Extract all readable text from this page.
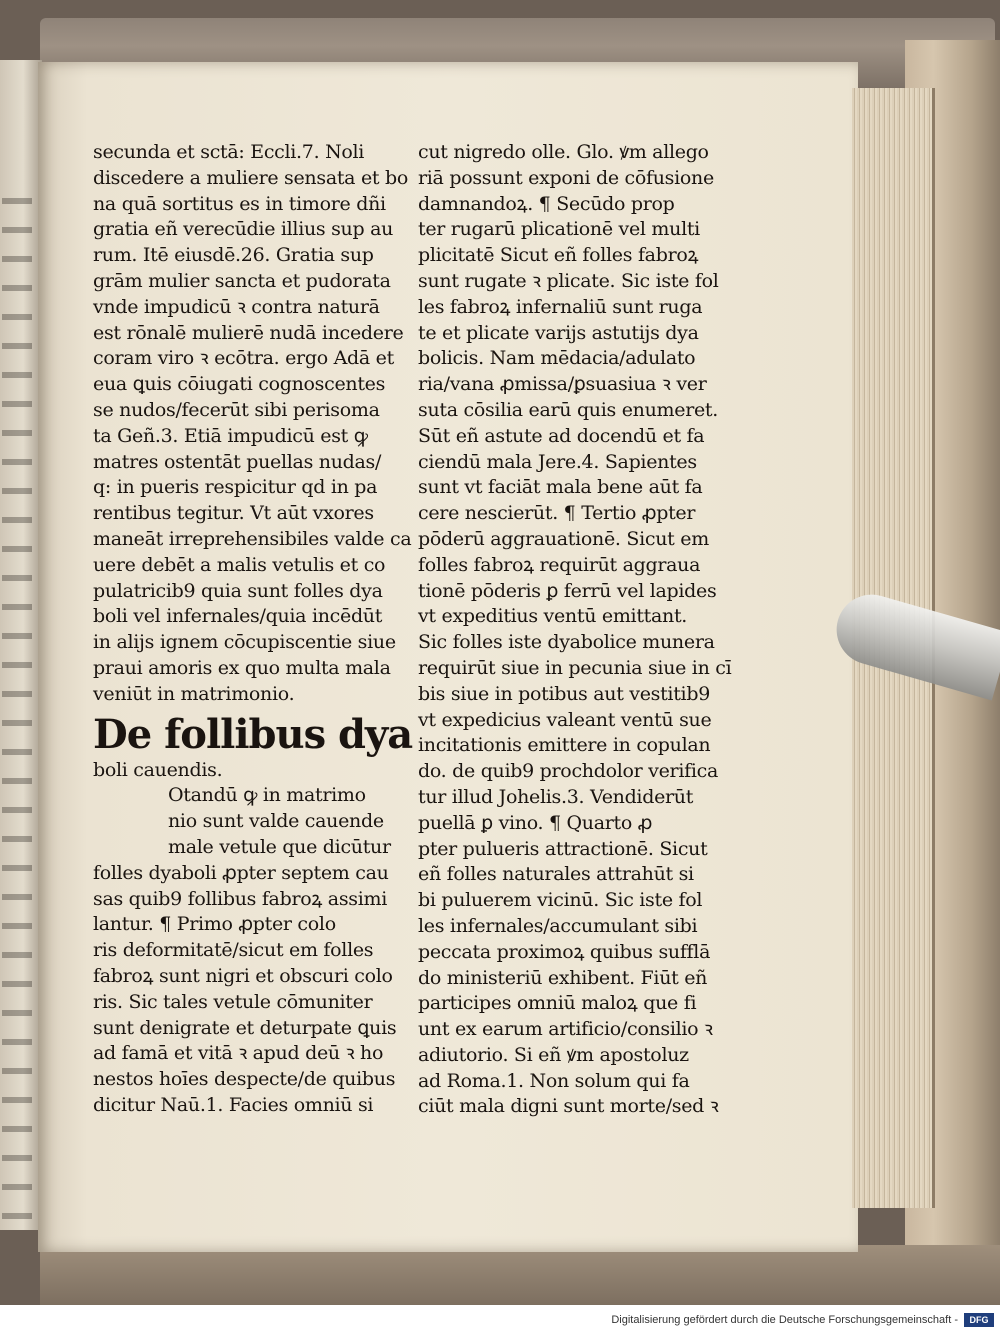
secunda et sctā: Eccli.7. Noli
discedere a muliere sensata et bo
na quā sortitus es in timore dñi
gratia eñ verecūdie illius sup au
rum. Itē eiusdē.26. Gratia sup
grām mulier sancta et pudorata
vnde impudicū ꝛ contra naturā
est rōnalē mulierē nudā incedere
coram viro ꝛ ecōtra. ergo Adā et
eua ꝗuis cōiugati cognoscentes
se nudos/fecerūt sibi perisoma
ta Geñ.3. Etiā impudicū est ꝙ
matres ostentāt puellas nudas/
q: in pueris respicitur qd in pa
rentibus tegitur. Vt aūt vxores
maneāt irreprehensibiles valde ca
uere debēt a malis vetulis et co
pulatricib9 quia sunt folles dya
boli vel infernales/quia incēdūt
in alijs ignem cōcupiscentie siue
praui amoris ex quo multa mala
veniūt in matrimonio.
De follibus dya
boli cauendis.
Otandū ꝙ in matrimo
nio sunt valde cauende
male vetule que dicūtur
folles dyaboli ꝓpter septem cau
sas quib9 follibus fabroꝝ assimi
lantur. ¶ Primo ꝓpter colo
ris deformitatē/sicut em folles
fabroꝝ sunt nigri et obscuri colo
ris. Sic tales vetule cōmuniter
sunt denigrate et deturpate ꝗuis
ad famā et vitā ꝛ apud deū ꝛ ho
nestos hoīes despecte/de quibus
dicitur Naū.1. Facies omniū si
cut nigredo olle. Glo. ꝟm allego
riā possunt exponi de cōfusione
damnandoꝝ. ¶ Secūdo prop
ter rugarū plicationē vel multi
plicitatē Sicut eñ folles fabroꝝ
sunt rugate ꝛ plicate. Sic iste fol
les fabroꝝ infernaliū sunt ruga
te et plicate varijs astutijs dya
bolicis. Nam mēdacia/adulato
ria/vana ꝓmissa/ꝑsuasiua ꝛ ver
suta cōsilia earū quis enumeret.
Sūt eñ astute ad docendū et fa
ciendū mala Jere.4. Sapientes
sunt vt faciāt mala bene aūt fa
cere nescierūt. ¶ Tertio ꝓpter
pōderū aggrauationē. Sicut em
folles fabroꝝ requirūt aggraua
tionē pōderis ꝑ ferrū vel lapides
vt expeditius ventū emittant.
Sic folles iste dyabolice munera
requirūt siue in pecunia siue in cī
bis siue in potibus aut vestitib9
vt expedicius valeant ventū sue
incitationis emittere in copulan
do. de quib9 prochdolor verifica
tur illud Johelis.3. Vendiderūt
puellā ꝑ vino. ¶ Quarto ꝓ
pter pulueris attractionē. Sicut
eñ folles naturales attrahūt si
bi puluerem vicinū. Sic iste fol
les infernales/accumulant sibi
peccata proximoꝝ quibus sufflā
do ministeriū exhibent. Fiūt eñ
participes omniū maloꝝ que fi
unt ex earum artificio/consilio ꝛ
adiutorio. Si eñ ꝟm apostoluz
ad Roma.1. Non solum qui fa
ciūt mala digni sunt morte/sed ꝛ
Digitalisierung gefördert durch die Deutsche Forschungsgemeinschaft -	DFG
